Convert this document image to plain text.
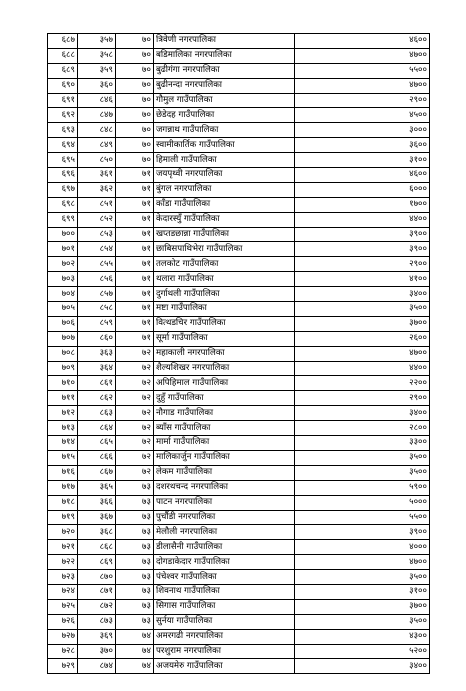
६८७	३५७	७०	त्रिवेणी नगरपालिका	४६००
६८८	३५८	७०	बडिमालिका नगरपालिका	४७००
६८९	३५९	७०	बुढीगंगा नगरपालिका	५५००
६९०	३६०	७०	बुढीनन्दा नगरपालिका	४७००
६९१	८४६	७०	गौमुल गाउँपालिका	२९००
६९२	८४७	७०	छेडेदह गाउँपालिका	४५००
६९३	८४८	७०	जगन्नाथ गाउँपालिका	३०००
६९४	८४९	७०	स्वामीकार्तिक गाउँपालिका	३६००
६९५	८५०	७०	हिमाली गाउँपालिका	३१००
६९६	३६१	७१	जयपृथ्वी नगरपालिका	४६००
६९७	३६२	७१	बुंगल नगरपालिका	६०००
६९८	८५१	७१	काँडा गाउँपालिका	१७००
६९९	८५२	७१	केदारस्युँ गाउँपालिका	४४००
७००	८५३	७१	खप्तडछान्ना गाउँपालिका	३९००
७०१	८५४	७१	छाबिसपाथिभेरा गाउँपालिका	३९००
७०२	८५५	७१	तलकोट गाउँपालिका	२९००
७०३	८५६	७१	थलारा गाउँपालिका	४१००
७०४	८५७	७१	दुर्गाथली गाउँपालिका	३४००
७०५	८५८	७१	मष्टा गाउँपालिका	३५००
७०६	८५९	७१	वित्थडचिर गाउँपालिका	३७००
७०७	८६०	७१	सूर्मा गाउँपालिका	२६००
७०८	३६३	७२	महाकाली नगरपालिका	४७००
७०९	३६४	७२	शैल्यशिखर नगरपालिका	४४००
७१०	८६१	७२	अपिहिमाल गाउँपालिका	२२००
७११	८६२	७२	दुहुँ गाउँपालिका	२९००
७१२	८६३	७२	नौगाड गाउँपालिका	३४००
७१३	८६४	७२	ब्याँस गाउँपालिका	२८००
७१४	८६५	७२	मार्मा गाउँपालिका	३३००
७१५	८६६	७२	मालिकार्जुन गाउँपालिका	३५००
७१६	८६७	७२	लेकम गाउँपालिका	३५००
७१७	३६५	७३	दशरथचन्द नगरपालिका	५९००
७१८	३६६	७३	पाटन नगरपालिका	५०००
७१९	३६७	७३	पुर्चौडी नगरपालिका	५५००
७२०	३६८	७३	मेलौली नगरपालिका	३९००
७२१	८६८	७३	डीलासैनी गाउँपालिका	४०००
७२२	८६९	७३	दोगडाकेदार गाउँपालिका	४७००
७२३	८७०	७३	पंचेश्वर गाउँपालिका	३५००
७२४	८७१	७३	शिवनाथ गाउँपालिका	३१००
७२५	८७२	७३	सिगास गाउँपालिका	३७००
७२६	८७३	७३	सुर्नया गाउँपालिका	३५००
७२७	३६९	७४	अमरगढी नगरपालिका	४३००
७२८	३७०	७४	परशुराम नगरपालिका	५२००
७२९	८७४	७४	अजयमेरु गाउँपालिका	३४००
